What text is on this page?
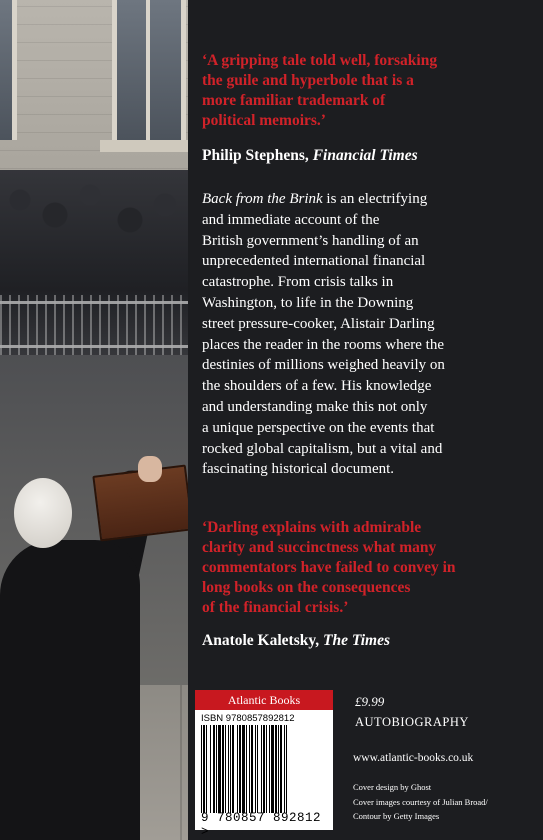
‘A gripping tale told well, forsaking
the guile and hyperbole that is a
more familiar trademark of
political memoirs.’
Philip Stephens, Financial Times
Back from the Brink is an electrifying
and immediate account of the
British government’s handling of an
unprecedented international financial
catastrophe. From crisis talks in
Washington, to life in the Downing
street pressure-cooker, Alistair Darling
places the reader in the rooms where the
destinies of millions weighed heavily on
the shoulders of a few. His knowledge
and understanding make this not only
a unique perspective on the events that
rocked global capitalism, but a vital and
fascinating historical document.
‘Darling explains with admirable
clarity and succinctness what many
commentators have failed to convey in
long books on the consequences
of the financial crisis.’
Anatole Kaletsky, The Times
Atlantic Books
ISBN 9780857892812
9 780857 892812 >
£9.99
AUTOBIOGRAPHY
www.atlantic-books.co.uk
Cover design by Ghost
Cover images courtesy of Julian Broad/
Contour by Getty Images
